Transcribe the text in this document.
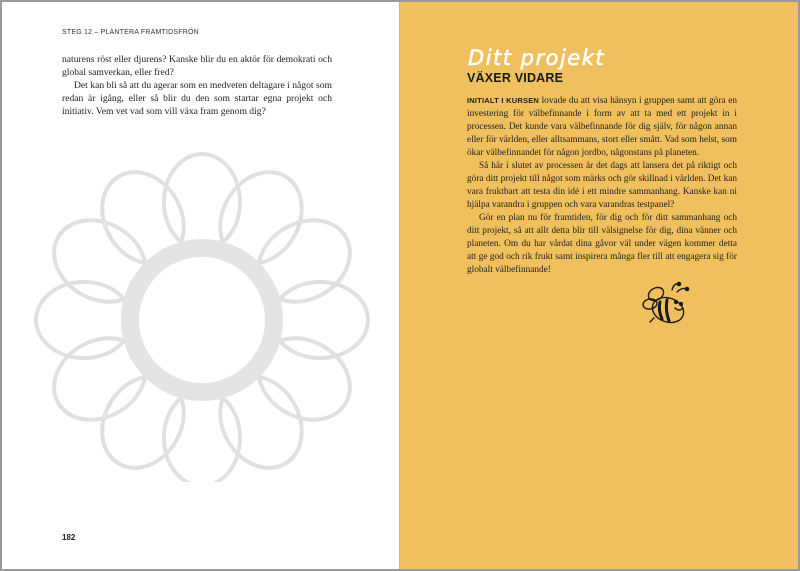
STEG 12 – PLANTERA FRAMTIDSFRÖN

naturens röst eller djurens? Kanske blir du en aktör för demokrati och global samverkan, eller fred?

Det kan bli så att du agerar som en medveten deltagare i något som redan är igång, eller så blir du den som startar egna projekt och initiativ. Vem vet vad som vill växa fram genom dig?

182
Ditt projekt
VÄXER VIDARE

INITIALT I KURSEN lovade du att visa hänsyn i gruppen samt att göra en investering för välbefinnande i form av att ta med ett projekt in i processen. Det kunde vara välbefinnande för dig själv, för någon annan eller för världen, eller alltsammans, stort eller smått. Vad som helst, som ökar välbefinnandet för någon jordbo, någonstans på planeten.

Så här i slutet av processen är det dags att lansera det på riktigt och göra ditt projekt till något som märks och gör skillnad i världen. Det kan vara fruktbart att testa din idé i ett mindre sammanhang. Kanske kan ni hjälpa varandra i gruppen och vara varandras testpanel?

Gör en plan nu för framtiden, för dig och för ditt sammanhang och ditt projekt, så att allt detta blir till välsignelse för dig, dina vänner och planeten. Om du har vårdat dina gåvor väl under vägen kommer detta att ge god och rik frukt samt inspirera många fler till att engagera sig för globalt välbefinnande!
